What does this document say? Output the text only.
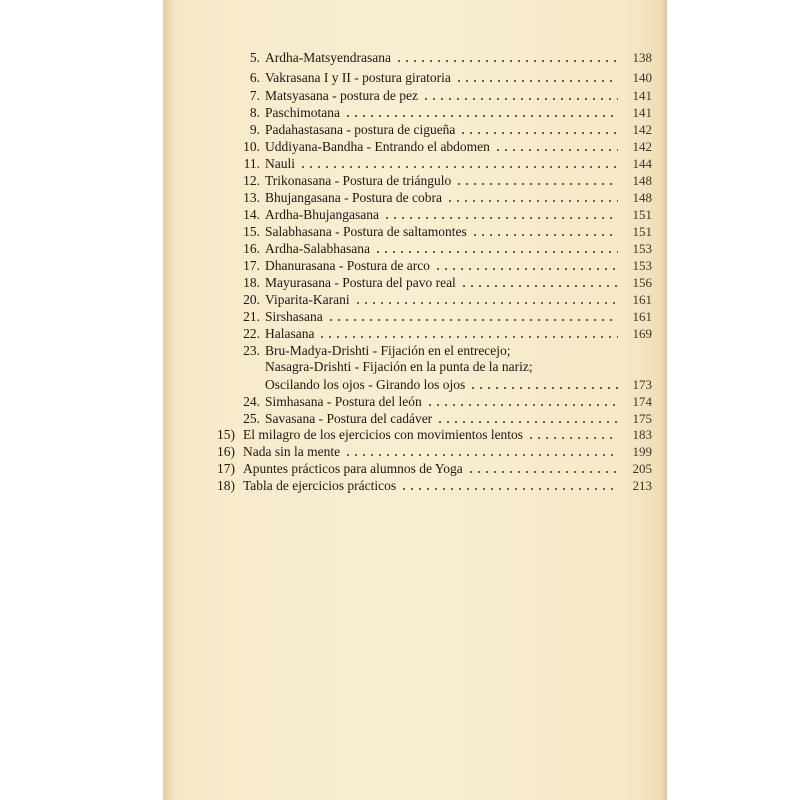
5. Ardha-Matsyendrasana	138
6. Vakrasana I y II - postura giratoria	140
7. Matsyasana - postura de pez	141
8. Paschimotana	141
9. Padahastasana - postura de cigueña	142
10. Uddiyana-Bandha - Entrando el abdomen	142
11. Nauli	144
12. Trikonasana - Postura de triángulo	148
13. Bhujangasana - Postura de cobra	148
14. Ardha-Bhujangasana	151
15. Salabhasana - Postura de saltamontes	151
16. Ardha-Salabhasana	153
17. Dhanurasana - Postura de arco	153
18. Mayurasana - Postura del pavo real	156
20. Viparita-Karani	161
21. Sirshasana	161
22. Halasana	169
23. Bru-Madya-Drishti - Fijación en el entrecejo;
Nasagra-Drishti - Fijación en la punta de la nariz;
Oscilando los ojos - Girando los ojos	173
24. Simhasana - Postura del león	174
25. Savasana - Postura del cadáver	175
15) El milagro de los ejercicios con movimientos lentos	183
16) Nada sin la mente	199
17) Apuntes prácticos para alumnos de Yoga	205
18) Tabla de ejercicios prácticos	213
